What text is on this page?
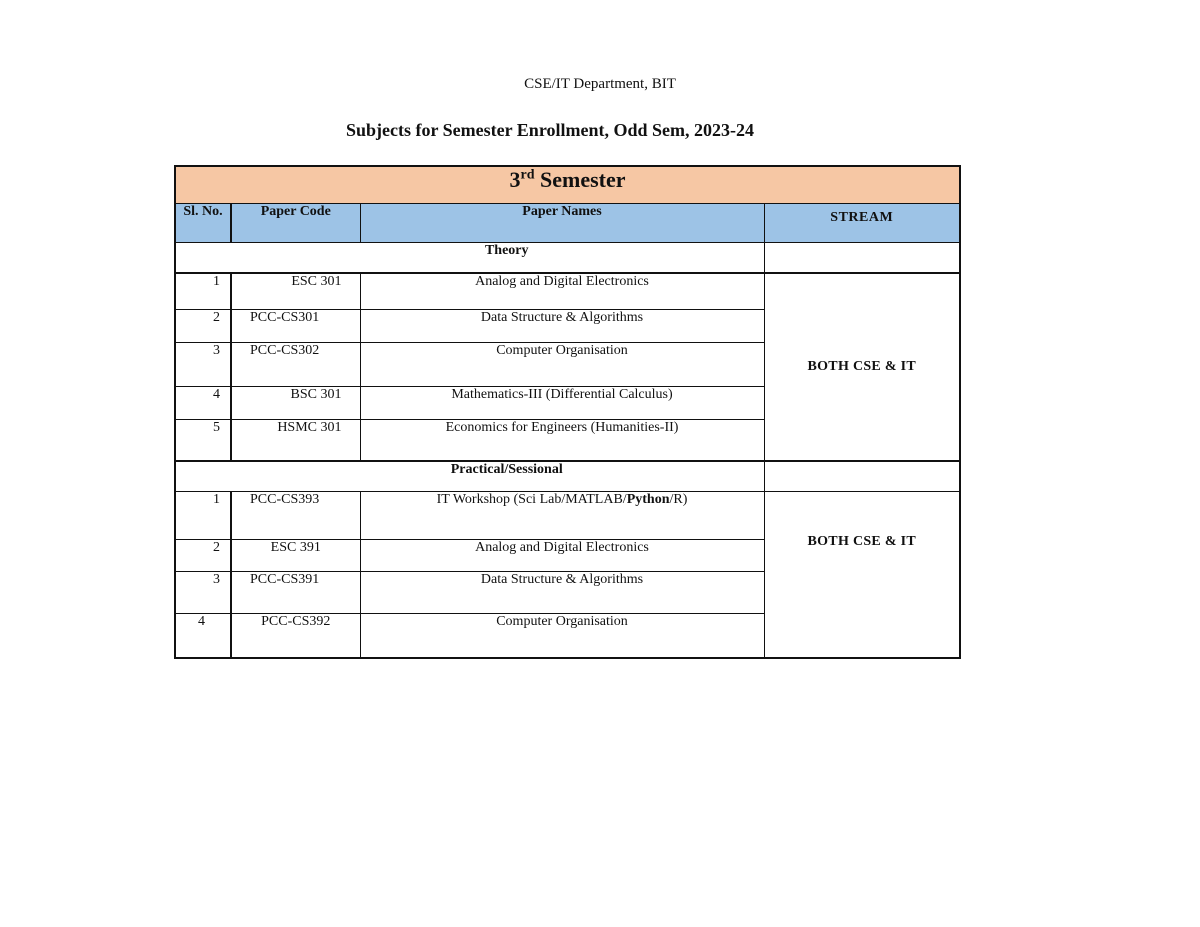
CSE/IT Department, BIT
Subjects for Semester Enrollment, Odd Sem, 2023-24
3rd Semester			
Sl. No.	Paper Code	Paper Names	STREAM
Theory			
1	ESC 301	Analog and Digital Electronics	BOTH CSE & IT
2	PCC-CS301	Data Structure & Algorithms	
3	PCC-CS302	Computer Organisation	
4	BSC 301	Mathematics-III (Differential Calculus)	
5	HSMC 301	Economics for Engineers (Humanities-II)	
Practical/Sessional			
1	PCC-CS393	IT Workshop (Sci Lab/MATLAB/Python/R)	BOTH CSE & IT
2	ESC 391	Analog and Digital Electronics	
3	PCC-CS391	Data Structure & Algorithms	
4	PCC-CS392	Computer Organisation	
